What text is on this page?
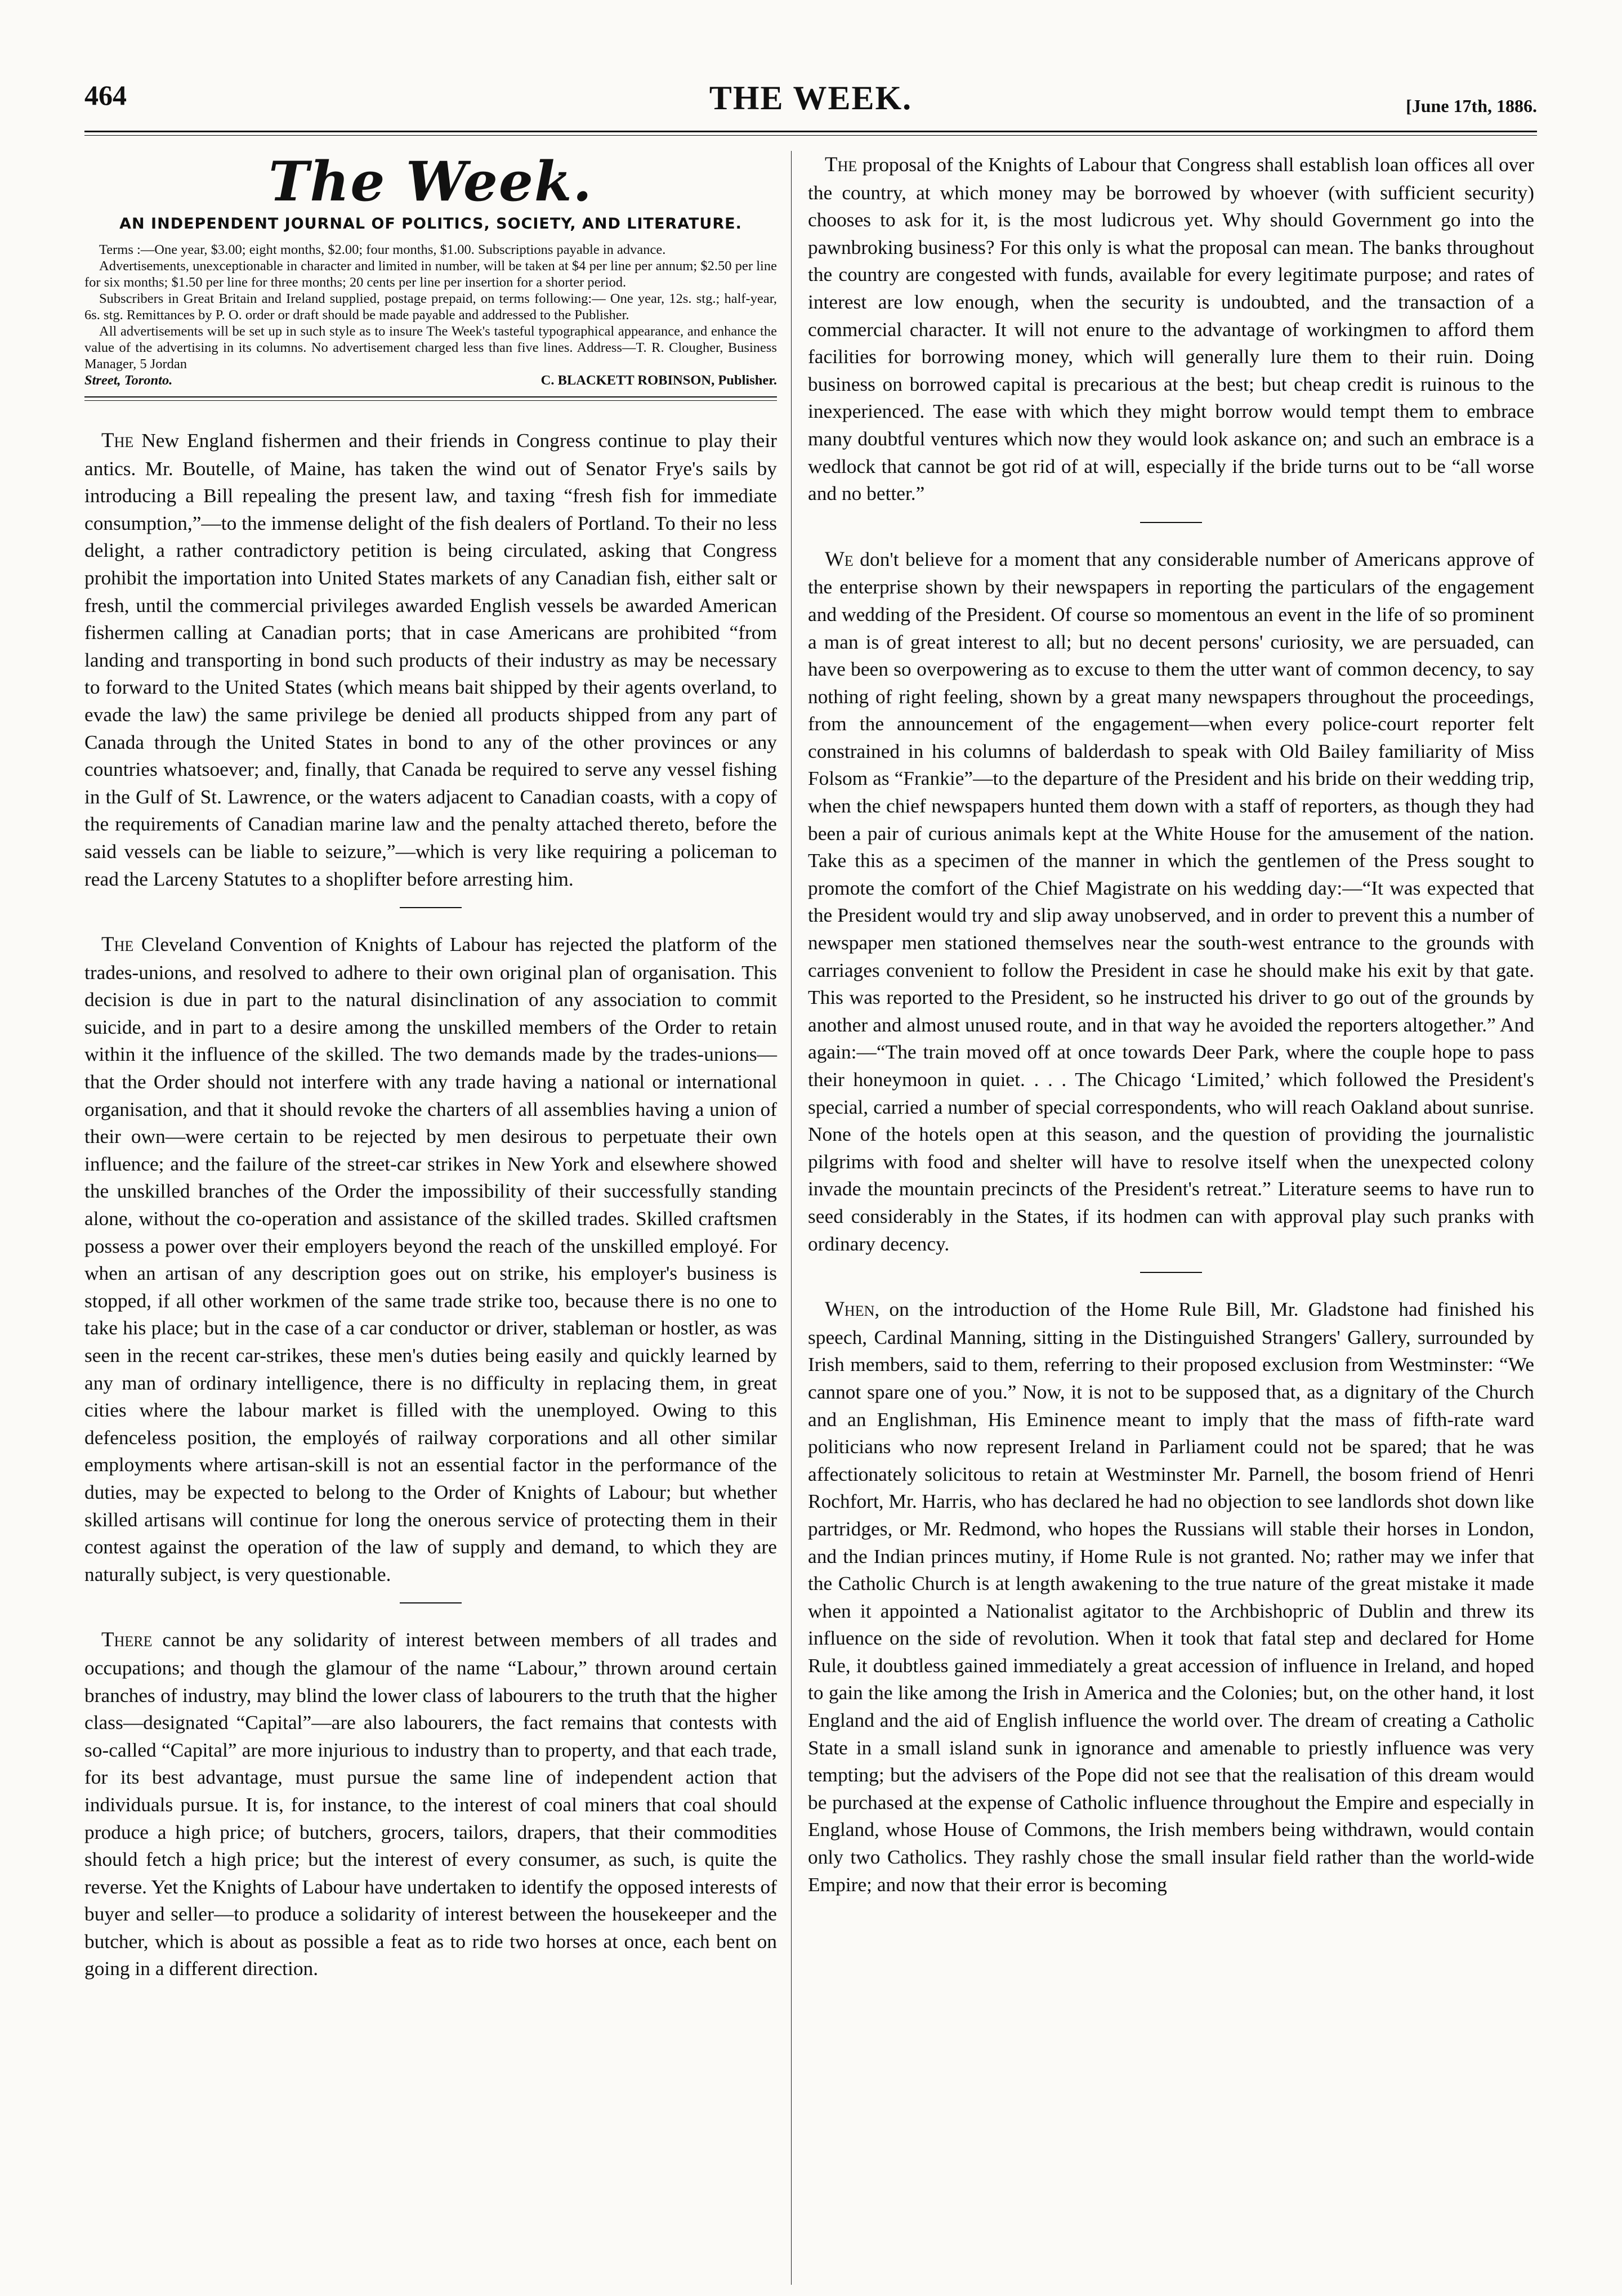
464	THE WEEK.	[June 17th, 1886.
The Week.
AN INDEPENDENT JOURNAL OF POLITICS, SOCIETY, AND LITERATURE.

Terms :—One year, $3.00; eight months, $2.00; four months, $1.00. Subscriptions payable in advance.

Advertisements, unexceptionable in character and limited in number, will be taken at $4 per line per annum; $2.50 per line for six months; $1.50 per line for three months; 20 cents per line per insertion for a shorter period.

Subscribers in Great Britain and Ireland supplied, postage prepaid, on terms following:— One year, 12s. stg.; half-year, 6s. stg. Remittances by P. O. order or draft should be made payable and addressed to the Publisher.

All advertisements will be set up in such style as to insure The Week's tasteful typographical appearance, and enhance the value of the advertising in its columns. No advertisement charged less than five lines. Address—T. R. Clougher, Business Manager, 5 Jordan

Street, Toronto.	C. BLACKETT ROBINSON, Publisher.

The New England fishermen and their friends in Congress continue to play their antics. Mr. Boutelle, of Maine, has taken the wind out of Senator Frye's sails by introducing a Bill repealing the present law, and taxing “fresh fish for immediate consumption,”—to the immense delight of the fish dealers of Portland. To their no less delight, a rather contradictory petition is being circulated, asking that Congress prohibit the importation into United States markets of any Canadian fish, either salt or fresh, until the commercial privileges awarded English vessels be awarded American fishermen calling at Canadian ports; that in case Americans are prohibited “from landing and transporting in bond such products of their industry as may be necessary to forward to the United States (which means bait shipped by their agents overland, to evade the law) the same privilege be denied all products shipped from any part of Canada through the United States in bond to any of the other provinces or any countries whatsoever; and, finally, that Canada be required to serve any vessel fishing in the Gulf of St. Lawrence, or the waters adjacent to Canadian coasts, with a copy of the requirements of Canadian marine law and the penalty attached thereto, before the said vessels can be liable to seizure,”—which is very like requiring a policeman to read the Larceny Statutes to a shoplifter before arresting him.

The Cleveland Convention of Knights of Labour has rejected the platform of the trades-unions, and resolved to adhere to their own original plan of organisation. This decision is due in part to the natural disinclination of any association to commit suicide, and in part to a desire among the unskilled members of the Order to retain within it the influence of the skilled. The two demands made by the trades-unions—that the Order should not interfere with any trade having a national or international organisation, and that it should revoke the charters of all assemblies having a union of their own—were certain to be rejected by men desirous to perpetuate their own influence; and the failure of the street-car strikes in New York and elsewhere showed the unskilled branches of the Order the impossibility of their successfully standing alone, without the co-operation and assistance of the skilled trades. Skilled craftsmen possess a power over their employers beyond the reach of the unskilled employé. For when an artisan of any description goes out on strike, his employer's business is stopped, if all other workmen of the same trade strike too, because there is no one to take his place; but in the case of a car conductor or driver, stableman or hostler, as was seen in the recent car-strikes, these men's duties being easily and quickly learned by any man of ordinary intelligence, there is no difficulty in replacing them, in great cities where the labour market is filled with the unemployed. Owing to this defenceless position, the employés of railway corporations and all other similar employments where artisan-skill is not an essential factor in the performance of the duties, may be expected to belong to the Order of Knights of Labour; but whether skilled artisans will continue for long the onerous service of protecting them in their contest against the operation of the law of supply and demand, to which they are naturally subject, is very questionable.

There cannot be any solidarity of interest between members of all trades and occupations; and though the glamour of the name “Labour,” thrown around certain branches of industry, may blind the lower class of labourers to the truth that the higher class—designated “Capital”—are also labourers, the fact remains that contests with so-called “Capital” are more injurious to industry than to property, and that each trade, for its best advantage, must pursue the same line of independent action that individuals pursue. It is, for instance, to the interest of coal miners that coal should produce a high price; of butchers, grocers, tailors, drapers, that their commodities should fetch a high price; but the interest of every consumer, as such, is quite the reverse. Yet the Knights of Labour have undertaken to identify the opposed interests of buyer and seller—to produce a solidarity of interest between the housekeeper and the butcher, which is about as possible a feat as to ride two horses at once, each bent on going in a different direction.

The proposal of the Knights of Labour that Congress shall establish loan offices all over the country, at which money may be borrowed by whoever (with sufficient security) chooses to ask for it, is the most ludicrous yet. Why should Government go into the pawnbroking business? For this only is what the proposal can mean. The banks throughout the country are congested with funds, available for every legitimate purpose; and rates of interest are low enough, when the security is undoubted, and the transaction of a commercial character. It will not enure to the advantage of workingmen to afford them facilities for borrowing money, which will generally lure them to their ruin. Doing business on borrowed capital is precarious at the best; but cheap credit is ruinous to the inexperienced. The ease with which they might borrow would tempt them to embrace many doubtful ventures which now they would look askance on; and such an embrace is a wedlock that cannot be got rid of at will, especially if the bride turns out to be “all worse and no better.”

We don't believe for a moment that any considerable number of Americans approve of the enterprise shown by their newspapers in reporting the particulars of the engagement and wedding of the President. Of course so momentous an event in the life of so prominent a man is of great interest to all; but no decent persons' curiosity, we are persuaded, can have been so overpowering as to excuse to them the utter want of common decency, to say nothing of right feeling, shown by a great many newspapers throughout the proceedings, from the announcement of the engagement—when every police-court reporter felt constrained in his columns of balderdash to speak with Old Bailey familiarity of Miss Folsom as “Frankie”—to the departure of the President and his bride on their wedding trip, when the chief newspapers hunted them down with a staff of reporters, as though they had been a pair of curious animals kept at the White House for the amusement of the nation. Take this as a specimen of the manner in which the gentlemen of the Press sought to promote the comfort of the Chief Magistrate on his wedding day:—“It was expected that the President would try and slip away unobserved, and in order to prevent this a number of newspaper men stationed themselves near the south-west entrance to the grounds with carriages convenient to follow the President in case he should make his exit by that gate. This was reported to the President, so he instructed his driver to go out of the grounds by another and almost unused route, and in that way he avoided the reporters altogether.” And again:—“The train moved off at once towards Deer Park, where the couple hope to pass their honeymoon in quiet. . . . The Chicago ‘Limited,’ which followed the President's special, carried a number of special correspondents, who will reach Oakland about sunrise. None of the hotels open at this season, and the question of providing the journalistic pilgrims with food and shelter will have to resolve itself when the unexpected colony invade the mountain precincts of the President's retreat.” Literature seems to have run to seed considerably in the States, if its hodmen can with approval play such pranks with ordinary decency.

When, on the introduction of the Home Rule Bill, Mr. Gladstone had finished his speech, Cardinal Manning, sitting in the Distinguished Strangers' Gallery, surrounded by Irish members, said to them, referring to their proposed exclusion from Westminster: “We cannot spare one of you.” Now, it is not to be supposed that, as a dignitary of the Church and an Englishman, His Eminence meant to imply that the mass of fifth-rate ward politicians who now represent Ireland in Parliament could not be spared; that he was affectionately solicitous to retain at Westminster Mr. Parnell, the bosom friend of Henri Rochfort, Mr. Harris, who has declared he had no objection to see landlords shot down like partridges, or Mr. Redmond, who hopes the Russians will stable their horses in London, and the Indian princes mutiny, if Home Rule is not granted. No; rather may we infer that the Catholic Church is at length awakening to the true nature of the great mistake it made when it appointed a Nationalist agitator to the Archbishopric of Dublin and threw its influence on the side of revolution. When it took that fatal step and declared for Home Rule, it doubtless gained immediately a great accession of influence in Ireland, and hoped to gain the like among the Irish in America and the Colonies; but, on the other hand, it lost England and the aid of English influence the world over. The dream of creating a Catholic State in a small island sunk in ignorance and amenable to priestly influence was very tempting; but the advisers of the Pope did not see that the realisation of this dream would be purchased at the expense of Catholic influence throughout the Empire and especially in England, whose House of Commons, the Irish members being withdrawn, would contain only two Catholics. They rashly chose the small insular field rather than the world-wide Empire; and now that their error is becoming
